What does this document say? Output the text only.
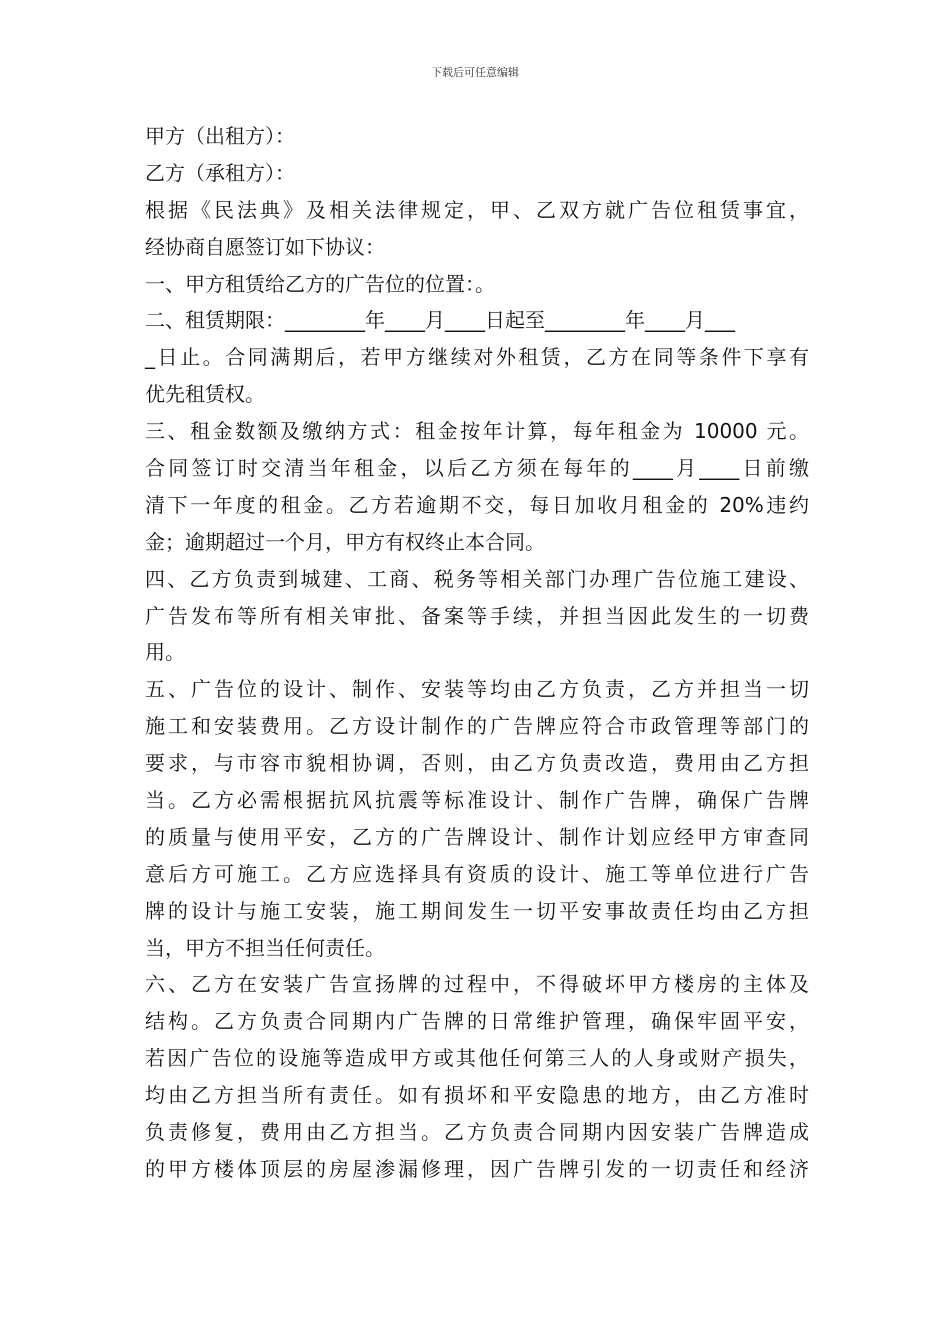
下载后可任意编辑
甲方（出租方）：
乙方（承租方）：
根据《民法典》及相关法律规定，甲、乙双方就广告位租赁事宜，
经协商自愿签订如下协议：
一、甲方租赁给乙方的广告位的位置：。
二、租赁期限：________年____月____日起至________年____月___
_日止。合同满期后，若甲方继续对外租赁，乙方在同等条件下享有
优先租赁权。
三、租金数额及缴纳方式：租金按年计算，每年租金为 10000 元。
合同签订时交清当年租金，以后乙方须在每年的____月____日前缴
清下一年度的租金。乙方若逾期不交，每日加收月租金的 20%违约
金；逾期超过一个月，甲方有权终止本合同。
四、乙方负责到城建、工商、税务等相关部门办理广告位施工建设、
广告发布等所有相关审批、备案等手续，并担当因此发生的一切费
用。
五、广告位的设计、制作、安装等均由乙方负责，乙方并担当一切
施工和安装费用。乙方设计制作的广告牌应符合市政管理等部门的
要求，与市容市貌相协调，否则，由乙方负责改造，费用由乙方担
当。乙方必需根据抗风抗震等标准设计、制作广告牌，确保广告牌
的质量与使用平安，乙方的广告牌设计、制作计划应经甲方审查同
意后方可施工。乙方应选择具有资质的设计、施工等单位进行广告
牌的设计与施工安装，施工期间发生一切平安事故责任均由乙方担
当，甲方不担当任何责任。
六、乙方在安装广告宣扬牌的过程中，不得破坏甲方楼房的主体及
结构。乙方负责合同期内广告牌的日常维护管理，确保牢固平安，
若因广告位的设施等造成甲方或其他任何第三人的人身或财产损失，
均由乙方担当所有责任。如有损坏和平安隐患的地方，由乙方准时
负责修复，费用由乙方担当。乙方负责合同期内因安装广告牌造成
的甲方楼体顶层的房屋渗漏修理，因广告牌引发的一切责任和经济
